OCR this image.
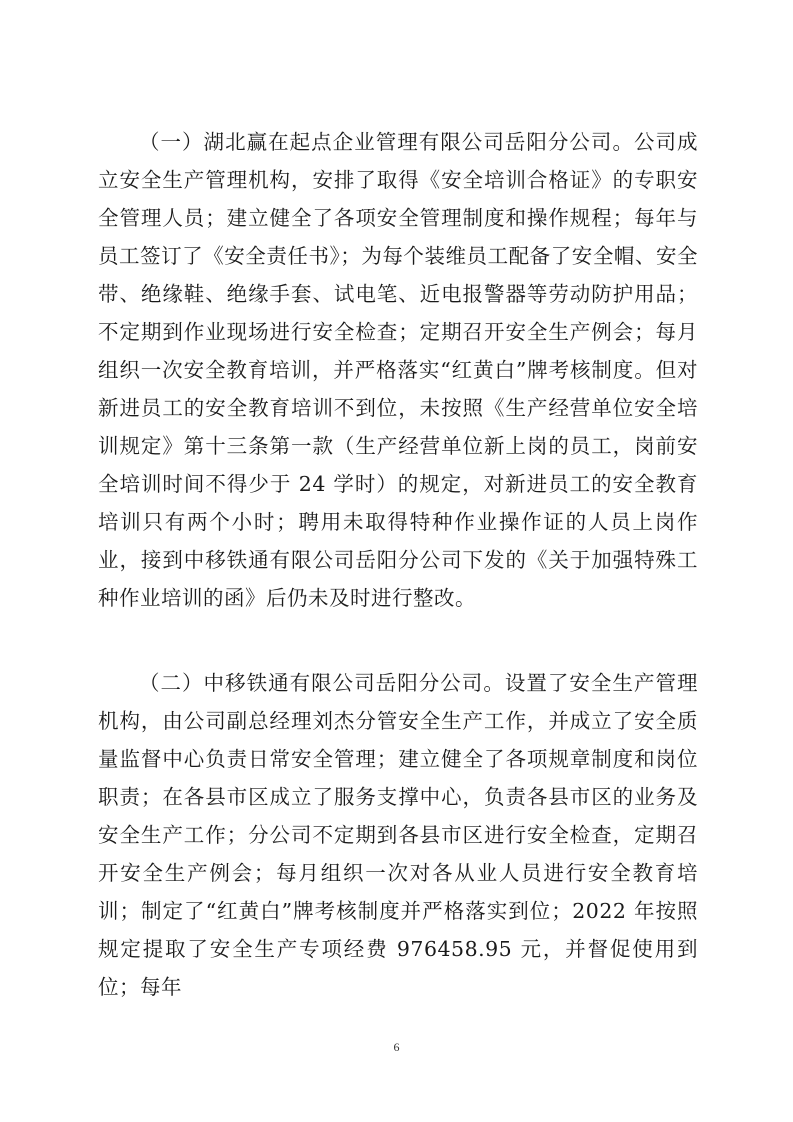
（一）湖北赢在起点企业管理有限公司岳阳分公司。公司成立安全生产管理机构，安排了取得《安全培训合格证》的专职安全管理人员；建立健全了各项安全管理制度和操作规程；每年与员工签订了《安全责任书》；为每个装维员工配备了安全帽、安全带、绝缘鞋、绝缘手套、试电笔、近电报警器等劳动防护用品；不定期到作业现场进行安全检查；定期召开安全生产例会；每月组织一次安全教育培训，并严格落实“红黄白”牌考核制度。但对新进员工的安全教育培训不到位，未按照《生产经营单位安全培训规定》第十三条第一款（生产经营单位新上岗的员工，岗前安全培训时间不得少于 24 学时）的规定，对新进员工的安全教育培训只有两个小时；聘用未取得特种作业操作证的人员上岗作业，接到中移铁通有限公司岳阳分公司下发的《关于加强特殊工种作业培训的函》后仍未及时进行整改。

（二）中移铁通有限公司岳阳分公司。设置了安全生产管理机构，由公司副总经理刘杰分管安全生产工作，并成立了安全质量监督中心负责日常安全管理；建立健全了各项规章制度和岗位职责；在各县市区成立了服务支撑中心，负责各县市区的业务及安全生产工作；分公司不定期到各县市区进行安全检查，定期召开安全生产例会；每月组织一次对各从业人员进行安全教育培训；制定了“红黄白”牌考核制度并严格落实到位；2022 年按照规定提取了安全生产专项经费 976458.95 元，并督促使用到位；每年

6
